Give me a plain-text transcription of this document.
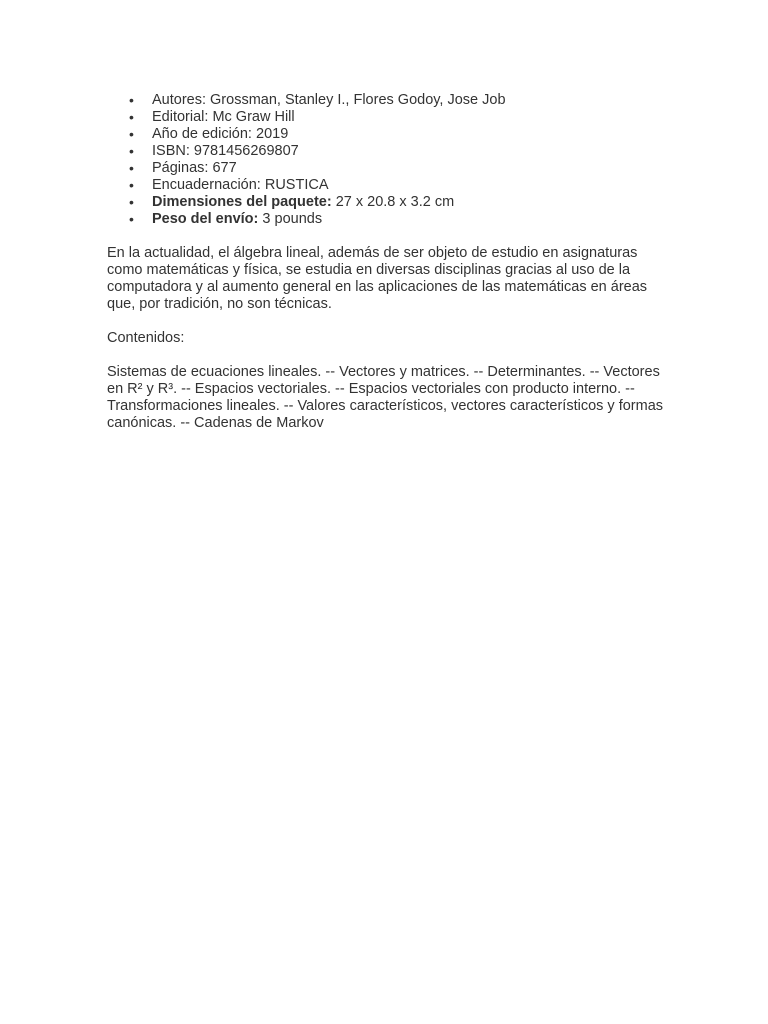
• Autores: Grossman, Stanley I., Flores Godoy, Jose Job
• Editorial: Mc Graw Hill
• Año de edición: 2019
• ISBN: 9781456269807
• Páginas: 677
• Encuadernación: RUSTICA
• Dimensiones del paquete: 27 x 20.8 x 3.2 cm
• Peso del envío: 3 pounds

En la actualidad, el álgebra lineal, además de ser objeto de estudio en asignaturas como matemáticas y física, se estudia en diversas disciplinas gracias al uso de la computadora y al aumento general en las aplicaciones de las matemáticas en áreas que, por tradición, no son técnicas.

Contenidos:

Sistemas de ecuaciones lineales. -- Vectores y matrices. -- Determinantes. -- Vectores en R² y R³. -- Espacios vectoriales. -- Espacios vectoriales con producto interno. -- Transformaciones lineales. -- Valores característicos, vectores característicos y formas canónicas. -- Cadenas de Markov
